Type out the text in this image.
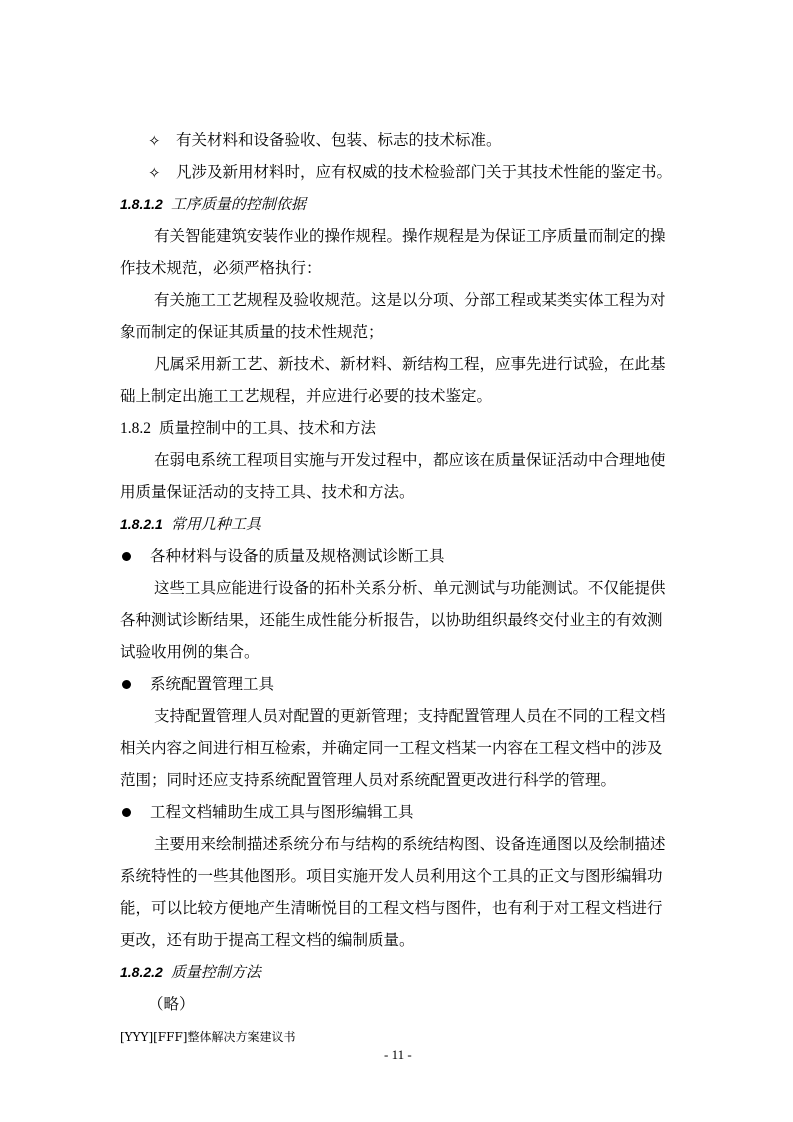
✧ 有关材料和设备验收、包装、标志的技术标准。
✧ 凡涉及新用材料时，应有权威的技术检验部门关于其技术性能的鉴定书。
1.8.1.2 工序质量的控制依据
有关智能建筑安装作业的操作规程。操作规程是为保证工序质量而制定的操
作技术规范，必须严格执行：
有关施工工艺规程及验收规范。这是以分项、分部工程或某类实体工程为对
象而制定的保证其质量的技术性规范；
凡属采用新工艺、新技术、新材料、新结构工程，应事先进行试验，在此基
础上制定出施工工艺规程，并应进行必要的技术鉴定。
1.8.2 质量控制中的工具、技术和方法
在弱电系统工程项目实施与开发过程中，都应该在质量保证活动中合理地使
用质量保证活动的支持工具、技术和方法。
1.8.2.1 常用几种工具
各种材料与设备的质量及规格测试诊断工具
这些工具应能进行设备的拓朴关系分析、单元测试与功能测试。不仅能提供
各种测试诊断结果，还能生成性能分析报告，以协助组织最终交付业主的有效测
试验收用例的集合。
系统配置管理工具
支持配置管理人员对配置的更新管理；支持配置管理人员在不同的工程文档
相关内容之间进行相互检索，并确定同一工程文档某一内容在工程文档中的涉及
范围；同时还应支持系统配置管理人员对系统配置更改进行科学的管理。
工程文档辅助生成工具与图形编辑工具
主要用来绘制描述系统分布与结构的系统结构图、设备连通图以及绘制描述
系统特性的一些其他图形。项目实施开发人员利用这个工具的正文与图形编辑功
能，可以比较方便地产生清晰悦目的工程文档与图件，也有利于对工程文档进行
更改，还有助于提高工程文档的编制质量。
1.8.2.2 质量控制方法
（略）
[YYY][FFF]整体解决方案建议书
- 11 -
